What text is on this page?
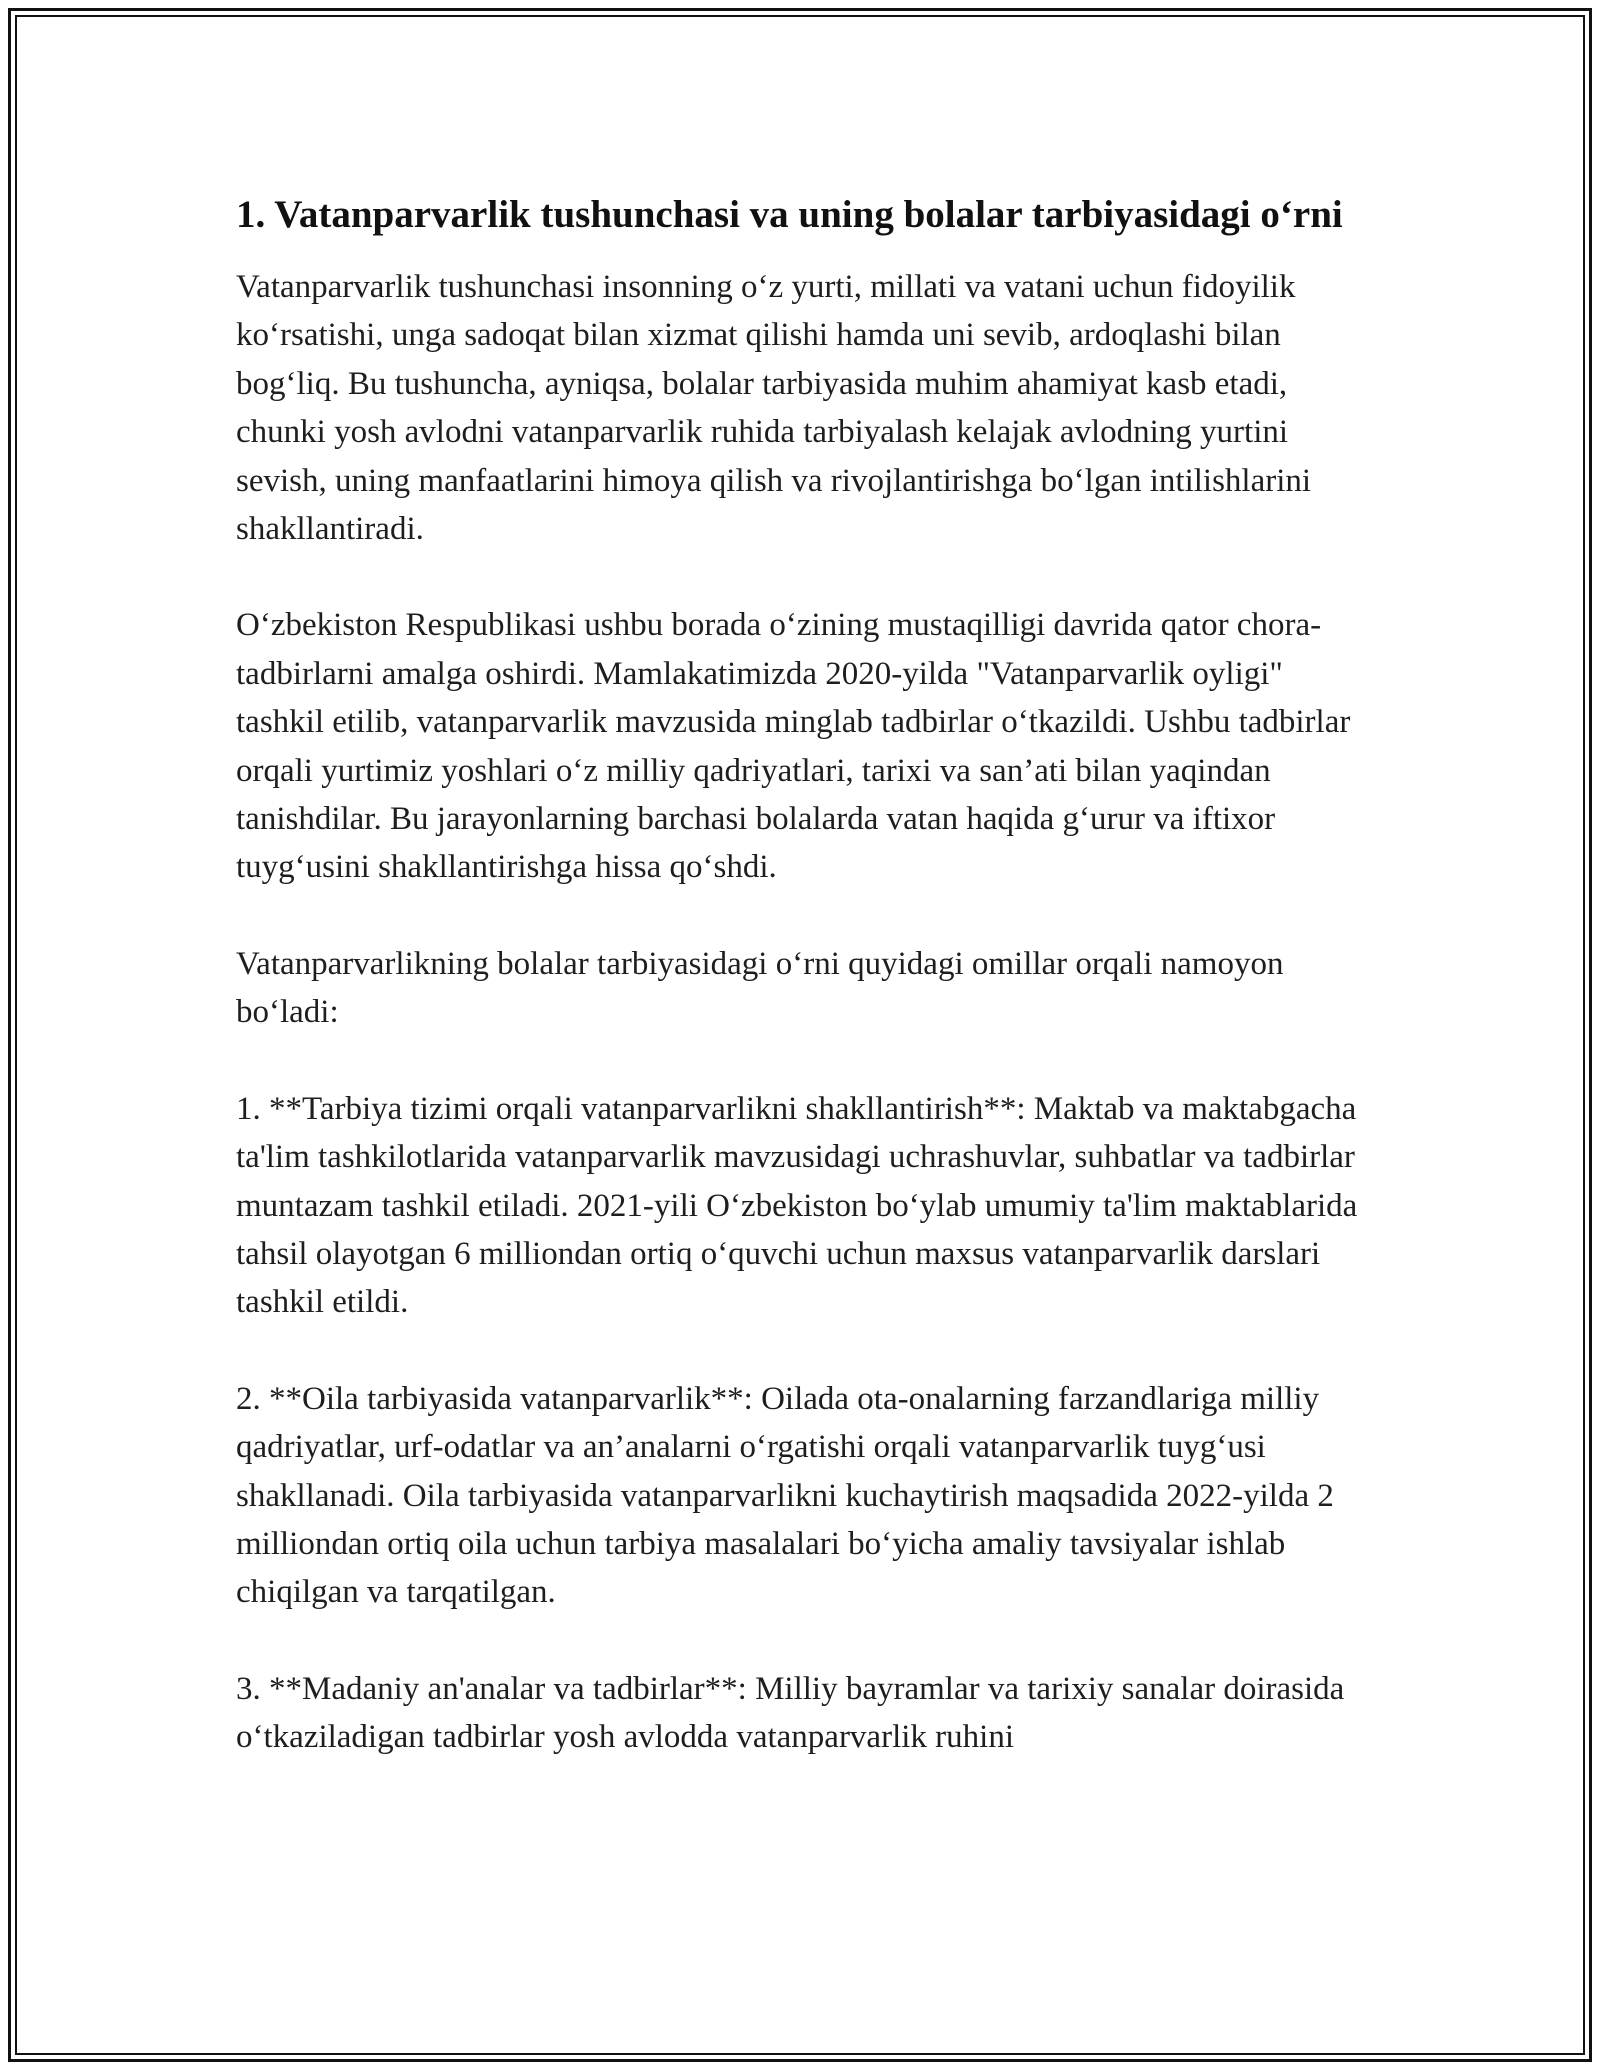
1. Vatanparvarlik tushunchasi va uning bolalar tarbiyasidagi o‘rni

Vatanparvarlik tushunchasi insonning o‘z yurti, millati va vatani uchun fidoyilik ko‘rsatishi, unga sadoqat bilan xizmat qilishi hamda uni sevib, ardoqlashi bilan bog‘liq. Bu tushuncha, ayniqsa, bolalar tarbiyasida muhim ahamiyat kasb etadi, chunki yosh avlodni vatanparvarlik ruhida tarbiyalash kelajak avlodning yurtini sevish, uning manfaatlarini himoya qilish va rivojlantirishga bo‘lgan intilishlarini shakllantiradi.

O‘zbekiston Respublikasi ushbu borada o‘zining mustaqilligi davrida qator chora-tadbirlarni amalga oshirdi. Mamlakatimizda 2020-yilda "Vatanparvarlik oyligi" tashkil etilib, vatanparvarlik mavzusida minglab tadbirlar o‘tkazildi. Ushbu tadbirlar orqali yurtimiz yoshlari o‘z milliy qadriyatlari, tarixi va san’ati bilan yaqindan tanishdilar. Bu jarayonlarning barchasi bolalarda vatan haqida g‘urur va iftixor tuyg‘usini shakllantirishga hissa qo‘shdi.

Vatanparvarlikning bolalar tarbiyasidagi o‘rni quyidagi omillar orqali namoyon bo‘ladi:

1. **Tarbiya tizimi orqali vatanparvarlikni shakllantirish**: Maktab va maktabgacha ta'lim tashkilotlarida vatanparvarlik mavzusidagi uchrashuvlar, suhbatlar va tadbirlar muntazam tashkil etiladi. 2021-yili O‘zbekiston bo‘ylab umumiy ta'lim maktablarida tahsil olayotgan 6 milliondan ortiq o‘quvchi uchun maxsus vatanparvarlik darslari tashkil etildi.

2. **Oila tarbiyasida vatanparvarlik**: Oilada ota-onalarning farzandlariga milliy qadriyatlar, urf-odatlar va an’analarni o‘rgatishi orqali vatanparvarlik tuyg‘usi shakllanadi. Oila tarbiyasida vatanparvarlikni kuchaytirish maqsadida 2022-yilda 2 milliondan ortiq oila uchun tarbiya masalalari bo‘yicha amaliy tavsiyalar ishlab chiqilgan va tarqatilgan.

3. **Madaniy an'analar va tadbirlar**: Milliy bayramlar va tarixiy sanalar doirasida o‘tkaziladigan tadbirlar yosh avlodda vatanparvarlik ruhini
